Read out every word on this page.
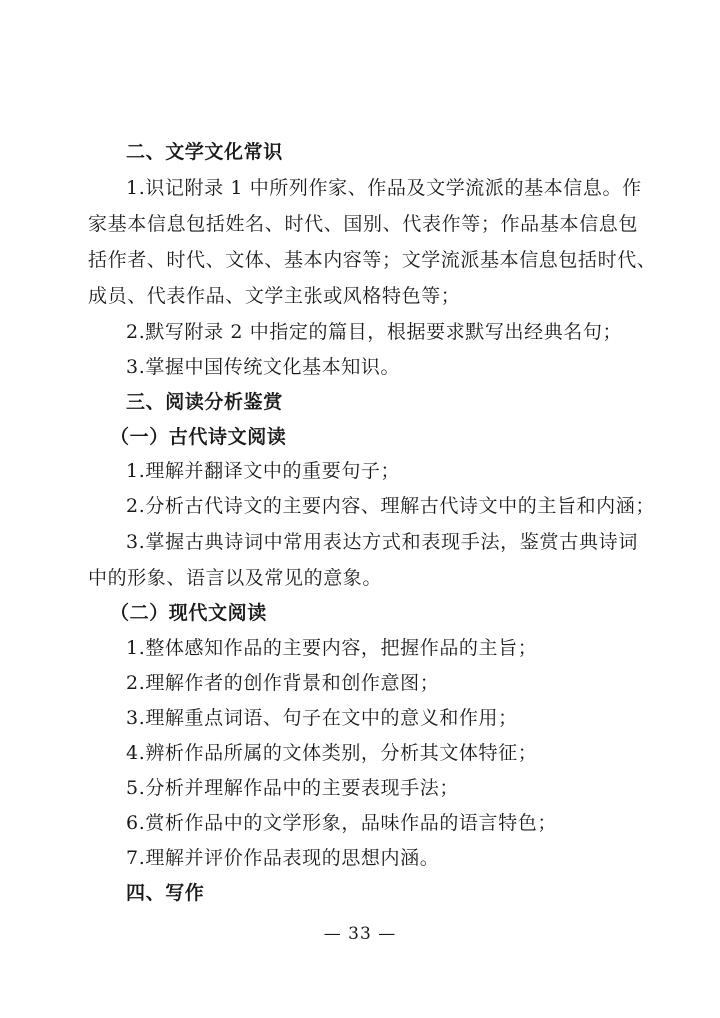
二、文学文化常识
1.识记附录 1 中所列作家、作品及文学流派的基本信息。作
家基本信息包括姓名、时代、国别、代表作等；作品基本信息包
括作者、时代、文体、基本内容等；文学流派基本信息包括时代、
成员、代表作品、文学主张或风格特色等；
2.默写附录 2 中指定的篇目，根据要求默写出经典名句；
3.掌握中国传统文化基本知识。
三、阅读分析鉴赏
（一）古代诗文阅读
1.理解并翻译文中的重要句子；
2.分析古代诗文的主要内容、理解古代诗文中的主旨和内涵；
3.掌握古典诗词中常用表达方式和表现手法，鉴赏古典诗词
中的形象、语言以及常见的意象。
（二）现代文阅读
1.整体感知作品的主要内容，把握作品的主旨；
2.理解作者的创作背景和创作意图；
3.理解重点词语、句子在文中的意义和作用；
4.辨析作品所属的文体类别，分析其文体特征；
5.分析并理解作品中的主要表现手法；
6.赏析作品中的文学形象，品味作品的语言特色；
7.理解并评价作品表现的思想内涵。
四、写作
— 33 —
